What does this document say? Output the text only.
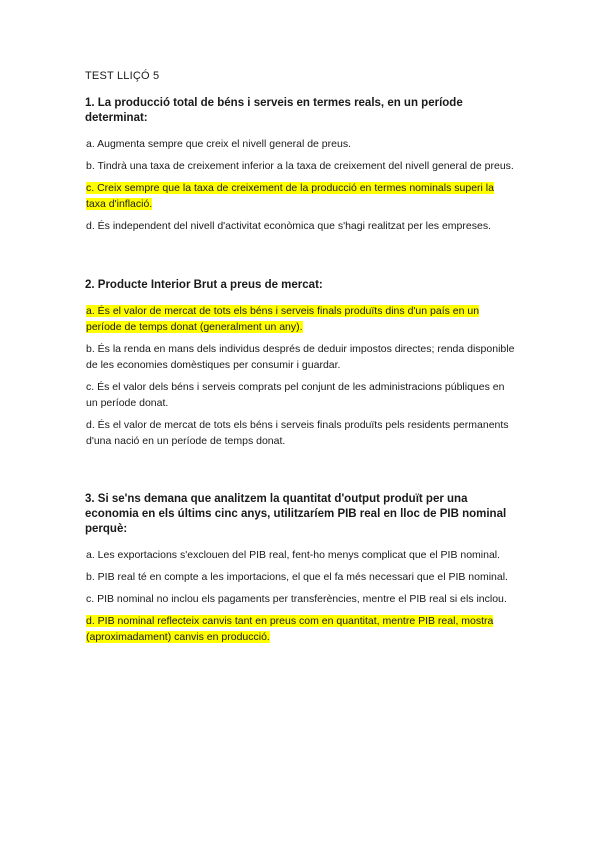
TEST LLIÇÓ 5

1. La producció total de béns i serveis en termes reals, en un període determinat:

a. Augmenta sempre que creix el nivell general de preus.
b. Tindrà una taxa de creixement inferior a la taxa de creixement del nivell general de preus.
c. Creix sempre que la taxa de creixement de la producció en termes nominals superi la taxa d'inflació.
d. És independent del nivell d'activitat econòmica que s'hagi realitzat per les empreses.

2. Producte Interior Brut a preus de mercat:

a. És el valor de mercat de tots els béns i serveis finals produïts dins d'un país en un període de temps donat (generalment un any).
b. És la renda en mans dels individus després de deduir impostos directes; renda disponible de les economies domèstiques per consumir i guardar.
c. És el valor dels béns i serveis comprats pel conjunt de les administracions públiques en un període donat.
d. És el valor de mercat de tots els béns i serveis finals produïts pels residents permanents d'una nació en un període de temps donat.

3. Si se'ns demana que analitzem la quantitat d'output produït per una economia en els últims cinc anys, utilitzaríem PIB real en lloc de PIB nominal perquè:

a. Les exportacions s'exclouen del PIB real, fent-ho menys complicat que el PIB nominal.
b. PIB real té en compte a les importacions, el que el fa més necessari que el PIB nominal.
c. PIB nominal no inclou els pagaments per transferències, mentre el PIB real si els inclou.
d. PIB nominal reflecteix canvis tant en preus com en quantitat, mentre PIB real, mostra (aproximadament) canvis en producció.
